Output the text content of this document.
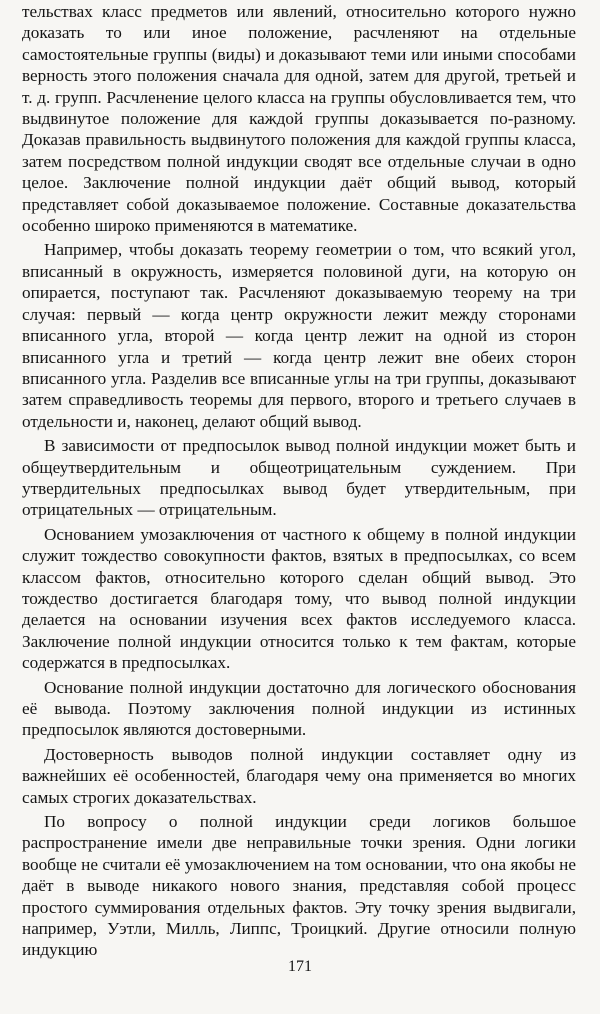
тельствах класс предметов или явлений, относительно которого нужно доказать то или иное положение, расчленяют на отдельные самостоятельные группы (виды) и доказывают теми или иными способами верность этого положения сначала для одной, затем для другой, третьей и т. д. групп. Расчленение целого класса на группы обусловливается тем, что выдвинутое положение для каждой группы доказывается по-разному. Доказав правильность выдвинутого положения для каждой группы класса, затем посредством полной индукции сводят все отдельные случаи в одно целое. Заключение полной индукции даёт общий вывод, который представляет собой доказываемое положение. Составные доказательства особенно широко применяются в математике.

Например, чтобы доказать теорему геометрии о том, что всякий угол, вписанный в окружность, измеряется половиной дуги, на которую он опирается, поступают так. Расчленяют доказываемую теорему на три случая: первый — когда центр окружности лежит между сторонами вписанного угла, второй — когда центр лежит на одной из сторон вписанного угла и третий — когда центр лежит вне обеих сторон вписанного угла. Разделив все вписанные углы на три группы, доказывают затем справедливость теоремы для первого, второго и третьего случаев в отдельности и, наконец, делают общий вывод.

В зависимости от предпосылок вывод полной индукции может быть и общеутвердительным и общеотрицательным суждением. При утвердительных предпосылках вывод будет утвердительным, при отрицательных — отрицательным.

Основанием умозаключения от частного к общему в полной индукции служит тождество совокупности фактов, взятых в предпосылках, со всем классом фактов, относительно которого сделан общий вывод. Это тождество достигается благодаря тому, что вывод полной индукции делается на основании изучения всех фактов исследуемого класса. Заключение полной индукции относится только к тем фактам, которые содержатся в предпосылках.

Основание полной индукции достаточно для логического обоснования её вывода. Поэтому заключения полной индукции из истинных предпосылок являются достоверными.

Достоверность выводов полной индукции составляет одну из важнейших её особенностей, благодаря чему она применяется во многих самых строгих доказательствах.

По вопросу о полной индукции среди логиков большое распространение имели две неправильные точки зрения. Одни логики вообще не считали её умозаключением на том основании, что она якобы не даёт в выводе никакого нового знания, представляя собой процесс простого суммирования отдельных фактов. Эту точку зрения выдвигали, например, Уэтли, Милль, Липпс, Троицкий. Другие относили полную индукцию

171
